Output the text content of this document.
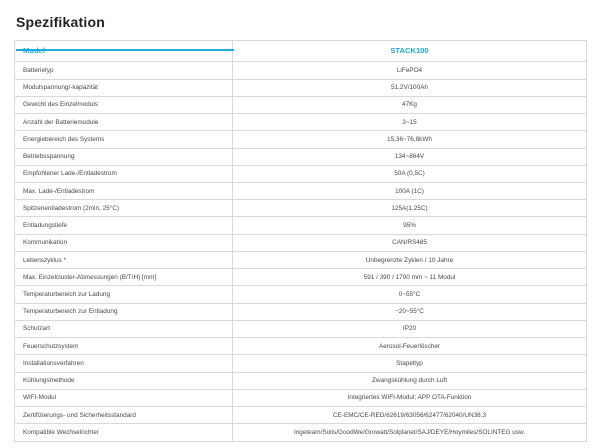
Spezifikation
	STACK100
Batterietyp	LiFePO4
Modulspannung/-kapazität	51,2V/100Ah
Gewicht des Einzelmoduls	47Kg
Anzahl der Batteriemodule	3~15
Energiebereich des Systems	15,36~76,8kWh
Betriebsspannung	134~864V
Empfohlener Lade-/Entladestrom	50A (0,5C)
Max. Lade-/Entladestrom	100A (1C)
Spitzenentladestrom (2min, 25°C)	125A(1,25C)
Entladungstiefe	95%
Kommunikation	CAN/RS485
Lebenszyklus *	Unbegrenzte Zyklen / 10 Jahre
Max. Einzelcluster-Abmessungen (B/T/H) [mm]	591 / 390 / 1700 mm ~ 11 Modul
Temperaturbereich zur Ladung	0~55°C
Temperaturbereich zur Entladung	−20~55°C
Schutzart	IP20
Feuerschutzsystem	Aerosol-Feuerlöscher
Installationsverfahren	Stapeltyp
Kühlungsmethode	Zwangskühlung durch Luft
WIFI-Modul	Integriertes WIFI-Modul; APP OTA-Funktion
Zertifizierungs- und Sicherheitsstandard	CE-EMC/CE-RED/62619/63056/62477/62040/UN38.3
Kompatible Wechselrichter	Ingeteam/Solis/GoodWe/Growatt/Solplanet/SAJ/DEYE/Hoymiles/SOLINTEG usw.
